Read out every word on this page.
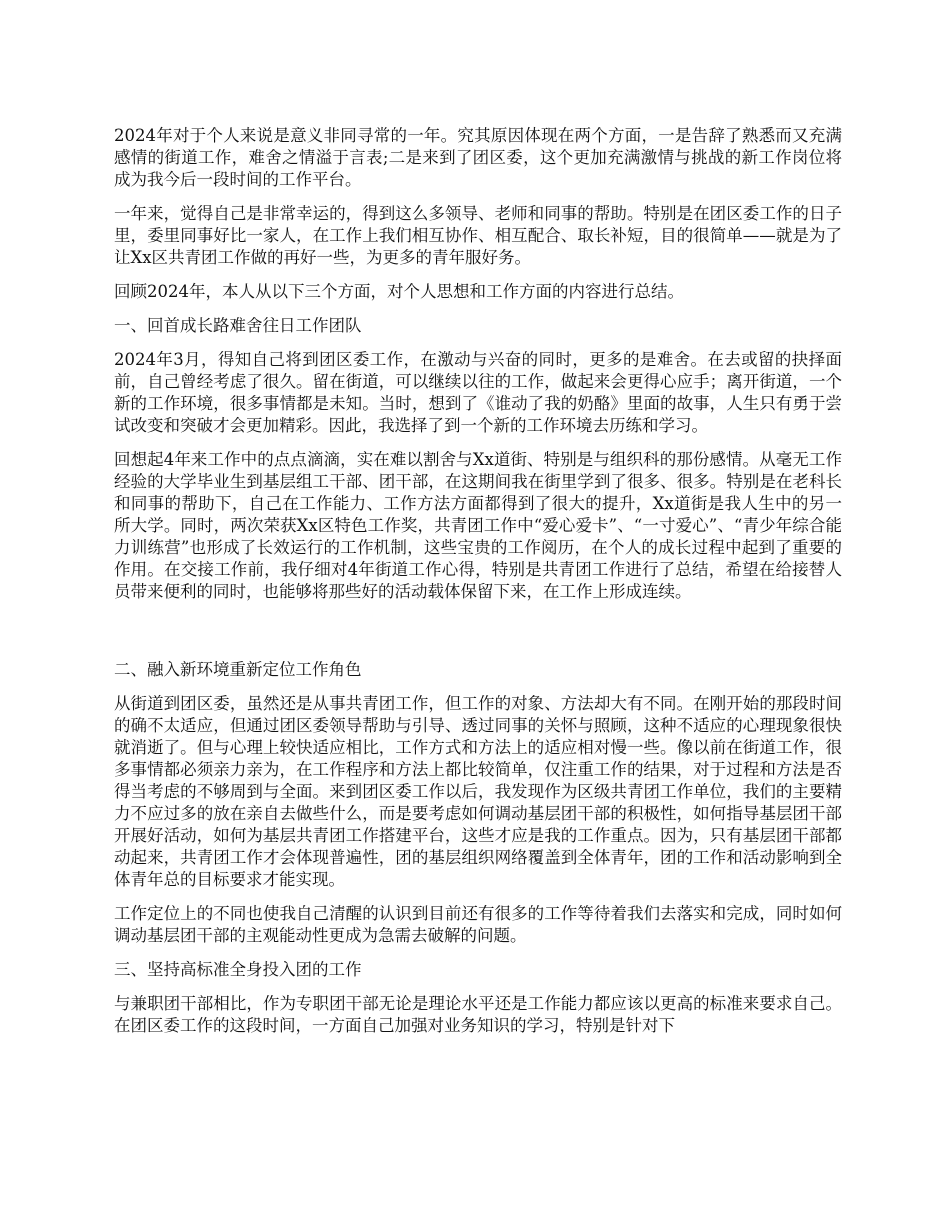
2024年对于个人来说是意义非同寻常的一年。究其原因体现在两个方面，一是告辞了熟悉而又充满感情的街道工作，难舍之情溢于言表;二是来到了团区委，这个更加充满激情与挑战的新工作岗位将成为我今后一段时间的工作平台。

一年来，觉得自己是非常幸运的，得到这么多领导、老师和同事的帮助。特别是在团区委工作的日子里，委里同事好比一家人，在工作上我们相互协作、相互配合、取长补短，目的很简单——就是为了让Xx区共青团工作做的再好一些，为更多的青年服好务。

回顾2024年，本人从以下三个方面，对个人思想和工作方面的内容进行总结。

一、回首成长路难舍往日工作团队

2024年3月，得知自己将到团区委工作，在激动与兴奋的同时，更多的是难舍。在去或留的抉择面前，自己曾经考虑了很久。留在街道，可以继续以往的工作，做起来会更得心应手；离开街道，一个新的工作环境，很多事情都是未知。当时，想到了《谁动了我的奶酪》里面的故事，人生只有勇于尝试改变和突破才会更加精彩。因此，我选择了到一个新的工作环境去历练和学习。

回想起4年来工作中的点点滴滴，实在难以割舍与Xx道街、特别是与组织科的那份感情。从毫无工作经验的大学毕业生到基层组工干部、团干部，在这期间我在街里学到了很多、很多。特别是在老科长和同事的帮助下，自己在工作能力、工作方法方面都得到了很大的提升，Xx道街是我人生中的另一所大学。同时，两次荣获Xx区特色工作奖，共青团工作中“爱心爱卡”、“一寸爱心”、“青少年综合能力训练营”也形成了长效运行的工作机制，这些宝贵的工作阅历，在个人的成长过程中起到了重要的作用。在交接工作前，我仔细对4年街道工作心得，特别是共青团工作进行了总结，希望在给接替人员带来便利的同时，也能够将那些好的活动载体保留下来，在工作上形成连续。

二、融入新环境重新定位工作角色

从街道到团区委，虽然还是从事共青团工作，但工作的对象、方法却大有不同。在刚开始的那段时间的确不太适应，但通过团区委领导帮助与引导、透过同事的关怀与照顾，这种不适应的心理现象很快就消逝了。但与心理上较快适应相比，工作方式和方法上的适应相对慢一些。像以前在街道工作，很多事情都必须亲力亲为，在工作程序和方法上都比较简单，仅注重工作的结果，对于过程和方法是否得当考虑的不够周到与全面。来到团区委工作以后，我发现作为区级共青团工作单位，我们的主要精力不应过多的放在亲自去做些什么，而是要考虑如何调动基层团干部的积极性，如何指导基层团干部开展好活动，如何为基层共青团工作搭建平台，这些才应是我的工作重点。因为，只有基层团干部都动起来，共青团工作才会体现普遍性，团的基层组织网络覆盖到全体青年，团的工作和活动影响到全体青年总的目标要求才能实现。

工作定位上的不同也使我自己清醒的认识到目前还有很多的工作等待着我们去落实和完成，同时如何调动基层团干部的主观能动性更成为急需去破解的问题。

三、坚持高标准全身投入团的工作

与兼职团干部相比，作为专职团干部无论是理论水平还是工作能力都应该以更高的标准来要求自己。在团区委工作的这段时间，一方面自己加强对业务知识的学习，特别是针对下
